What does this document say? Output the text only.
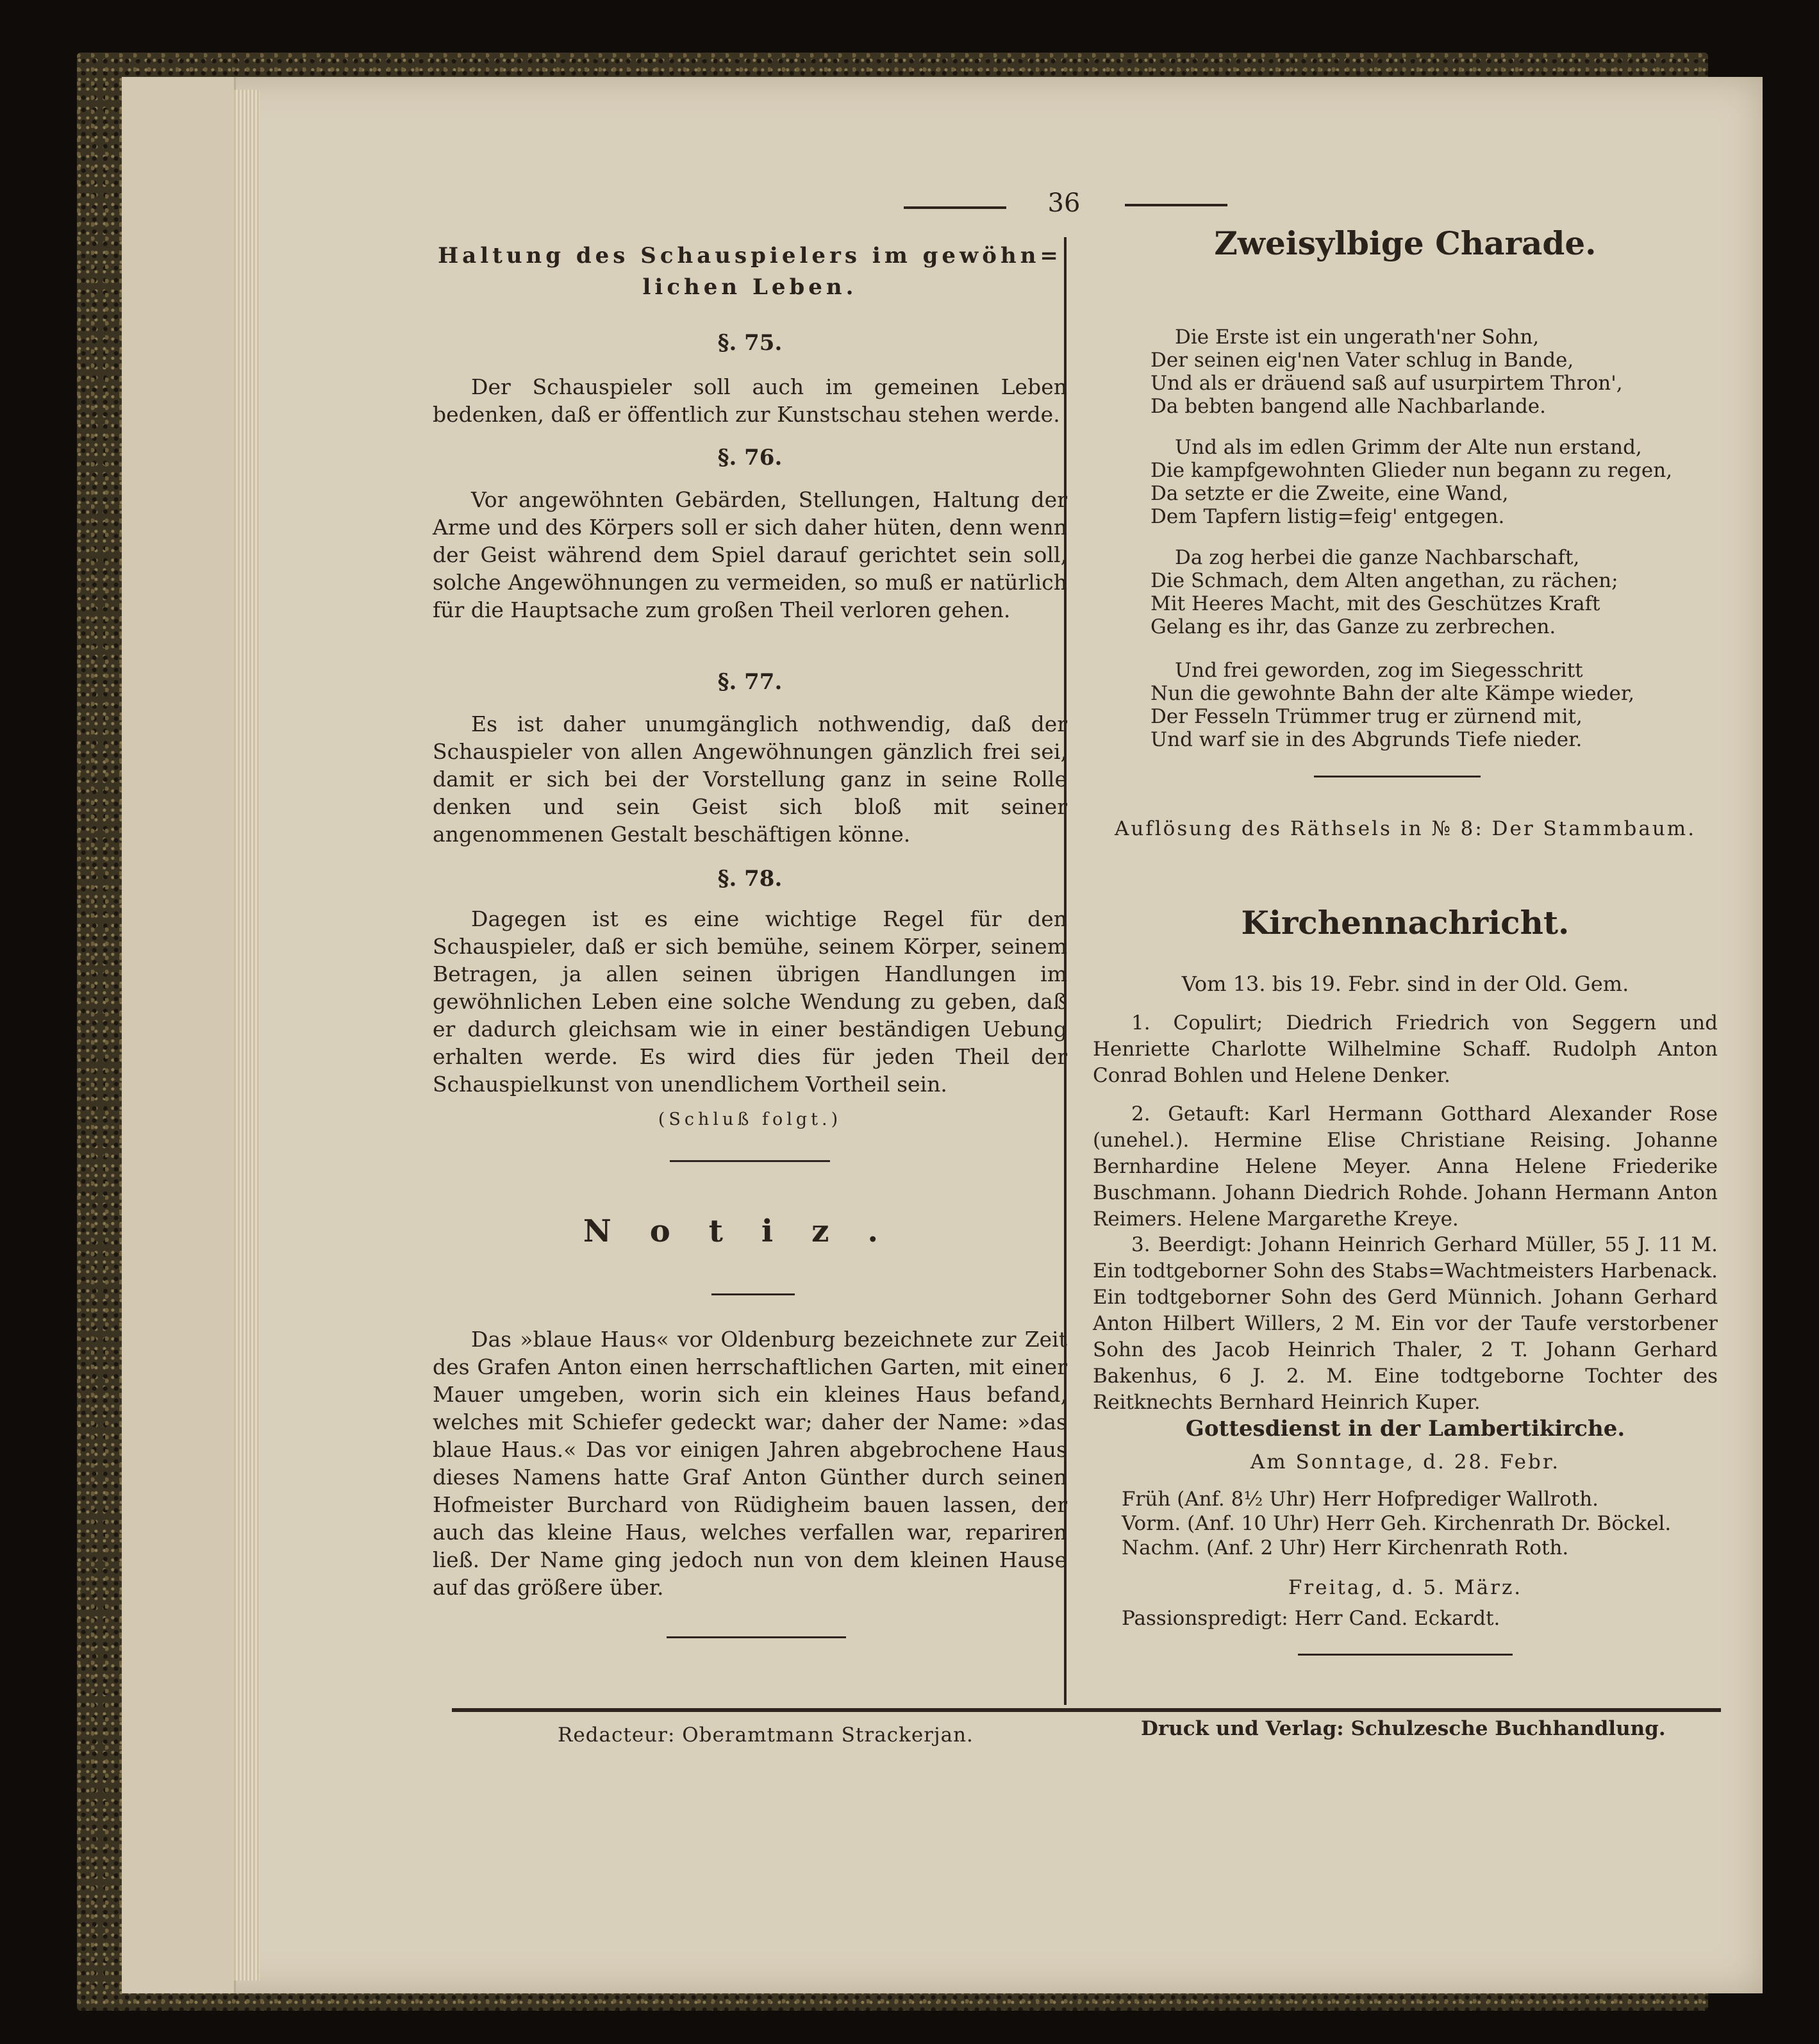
36
Haltung des Schauspielers im gewöhn=
lichen Leben.
§. 75.
Der Schauspieler soll auch im gemeinen Leben bedenken, daß er öffentlich zur Kunstschau stehen werde.
§. 76.
Vor angewöhnten Gebärden, Stellungen, Haltung der Arme und des Körpers soll er sich daher hüten, denn wenn der Geist während dem Spiel darauf gerichtet sein soll, solche Angewöhnungen zu vermeiden, so muß er natürlich für die Hauptsache zum großen Theil verloren gehen.
§. 77.
Es ist daher unumgänglich nothwendig, daß der Schauspieler von allen Angewöhnungen gänzlich frei sei, damit er sich bei der Vorstellung ganz in seine Rolle denken und sein Geist sich bloß mit seiner angenommenen Gestalt beschäftigen könne.
§. 78.
Dagegen ist es eine wichtige Regel für den Schauspieler, daß er sich bemühe, seinem Körper, seinem Betragen, ja allen seinen übrigen Handlungen im gewöhnlichen Leben eine solche Wendung zu geben, daß er dadurch gleichsam wie in einer beständigen Uebung erhalten werde. Es wird dies für jeden Theil der Schauspielkunst von unendlichem Vortheil sein.
(Schluß folgt.)
Notiz.
Das »blaue Haus« vor Oldenburg bezeichnete zur Zeit des Grafen Anton einen herrschaftlichen Garten, mit einer Mauer umgeben, worin sich ein kleines Haus befand, welches mit Schiefer gedeckt war; daher der Name: »das blaue Haus.« Das vor einigen Jahren abgebrochene Haus dieses Namens hatte Graf Anton Günther durch seinen Hofmeister Burchard von Rüdigheim bauen lassen, der auch das kleine Haus, welches verfallen war, repariren ließ. Der Name ging jedoch nun von dem kleinen Hause auf das größere über.
Zweisylbige Charade.
Die Erste ist ein ungerath'ner Sohn,
Der seinen eig'nen Vater schlug in Bande,
Und als er dräuend saß auf usurpirtem Thron',
Da bebten bangend alle Nachbarlande.
Und als im edlen Grimm der Alte nun erstand,
Die kampfgewohnten Glieder nun begann zu regen,
Da setzte er die Zweite, eine Wand,
Dem Tapfern listig=feig' entgegen.
Da zog herbei die ganze Nachbarschaft,
Die Schmach, dem Alten angethan, zu rächen;
Mit Heeres Macht, mit des Geschützes Kraft
Gelang es ihr, das Ganze zu zerbrechen.
Und frei geworden, zog im Siegesschritt
Nun die gewohnte Bahn der alte Kämpe wieder,
Der Fesseln Trümmer trug er zürnend mit,
Und warf sie in des Abgrunds Tiefe nieder.
Auflösung des Räthsels in № 8: Der Stammbaum.
Kirchennachricht.
Vom 13. bis 19. Febr. sind in der Old. Gem.
1. Copulirt; Diedrich Friedrich von Seggern und Henriette Charlotte Wilhelmine Schaff. Rudolph Anton Conrad Bohlen und Helene Denker.
2. Getauft: Karl Hermann Gotthard Alexander Rose (unehel.). Hermine Elise Christiane Reising. Johanne Bernhardine Helene Meyer. Anna Helene Friederike Buschmann. Johann Diedrich Rohde. Johann Hermann Anton Reimers. Helene Margarethe Kreye.
3. Beerdigt: Johann Heinrich Gerhard Müller, 55 J. 11 M. Ein todtgeborner Sohn des Stabs=Wachtmeisters Harbenack. Ein todtgeborner Sohn des Gerd Münnich. Johann Gerhard Anton Hilbert Willers, 2 M. Ein vor der Taufe verstorbener Sohn des Jacob Heinrich Thaler, 2 T. Johann Gerhard Bakenhus, 6 J. 2. M. Eine todtgeborne Tochter des Reitknechts Bernhard Heinrich Kuper.
Gottesdienst in der Lambertikirche.
Am Sonntage, d. 28. Febr.
Früh (Anf. 8½ Uhr) Herr Hofprediger Wallroth.
Vorm. (Anf. 10 Uhr) Herr Geh. Kirchenrath Dr. Böckel.
Nachm. (Anf. 2 Uhr) Herr Kirchenrath Roth.
Freitag, d. 5. März.
Passionspredigt: Herr Cand. Eckardt.
Redacteur: Oberamtmann Strackerjan.	Druck und Verlag: Schulzesche Buchhandlung.
